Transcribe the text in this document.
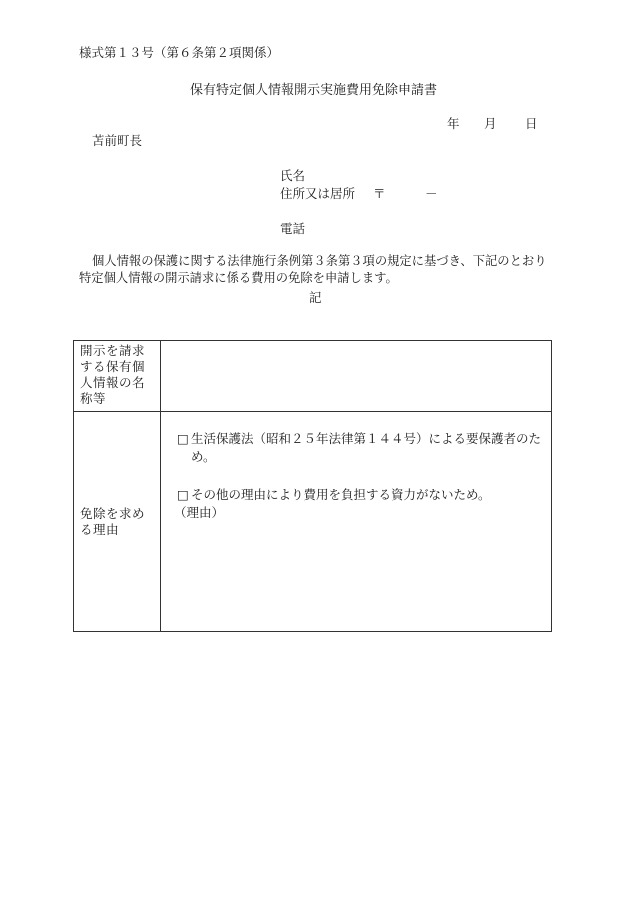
様式第１３号（第６条第２項関係）
保有特定個人情報開示実施費用免除申請書
年 月 日
苫前町長
氏名
住所又は居所 〒	－
電話
個人情報の保護に関する法律施行条例第３条第３項の規定に基づき、下記のとおり特定個人情報の開示請求に係る費用の免除を申請します。
記
開示を請求する保有個人情報の名称等	
免除を求める理由	□ 生活保護法（昭和２５年法律第１４４号）による要保護者のため。
□ その他の理由により費用を負担する資力がないため。
（理由）
